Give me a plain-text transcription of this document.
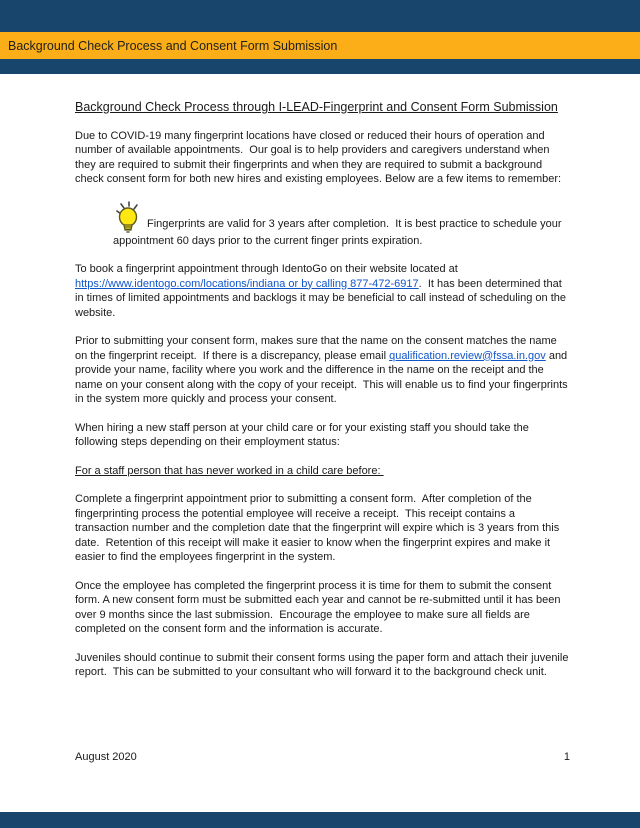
Background Check Process and Consent Form Submission

Background Check Process through I-LEAD-Fingerprint and Consent Form Submission

Due to COVID-19 many fingerprint locations have closed or reduced their hours of operation and number of available appointments.  Our goal is to help providers and caregivers understand when they are required to submit their fingerprints and when they are required to submit a background check consent form for both new hires and existing employees. Below are a few items to remember:

Fingerprints are valid for 3 years after completion.  It is best practice to schedule your appointment 60 days prior to the current finger prints expiration.

To book a fingerprint appointment through IdentoGo on their website located at https://www.identogo.com/locations/indiana or by calling 877-472-6917.  It has been determined that in times of limited appointments and backlogs it may be beneficial to call instead of scheduling on the website.

Prior to submitting your consent form, makes sure that the name on the consent matches the name on the fingerprint receipt.  If there is a discrepancy, please email qualification.review@fssa.in.gov and provide your name, facility where you work and the difference in the name on the receipt and the name on your consent along with the copy of your receipt.  This will enable us to find your fingerprints in the system more quickly and process your consent.

When hiring a new staff person at your child care or for your existing staff you should take the following steps depending on their employment status:

For a staff person that has never worked in a child care before:

Complete a fingerprint appointment prior to submitting a consent form.  After completion of the fingerprinting process the potential employee will receive a receipt.  This receipt contains a transaction number and the completion date that the fingerprint will expire which is 3 years from this date.  Retention of this receipt will make it easier to know when the fingerprint expires and make it easier to find the employees fingerprint in the system.

Once the employee has completed the fingerprint process it is time for them to submit the consent form. A new consent form must be submitted each year and cannot be re-submitted until it has been over 9 months since the last submission.  Encourage the employee to make sure all fields are completed on the consent form and the information is accurate.

Juveniles should continue to submit their consent forms using the paper form and attach their juvenile report.  This can be submitted to your consultant who will forward it to the background check unit.

August 2020	1
